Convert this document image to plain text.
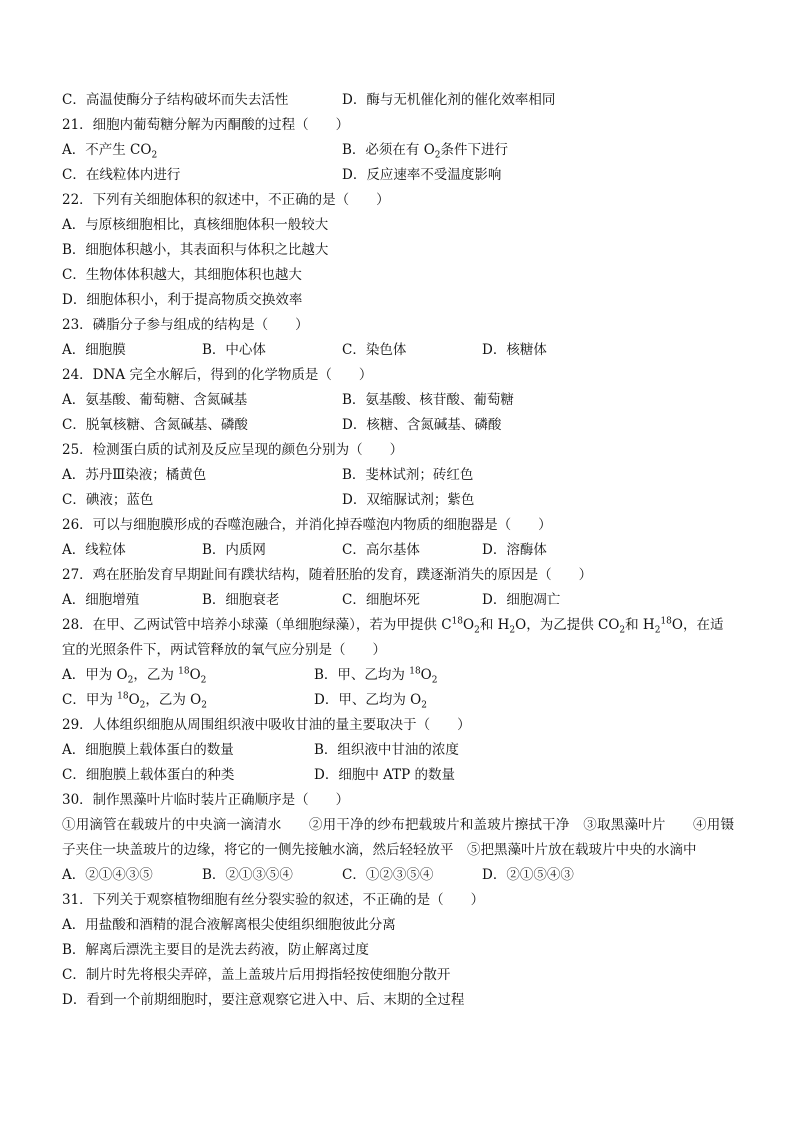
C．高温使酶分子结构破坏而失去活性	D．酶与无机催化剂的催化效率相同
21．细胞内葡萄糖分解为丙酮酸的过程（　　）
A．不产生 $CO_2$	B．必须在有 $O_2$条件下进行
C．在线粒体内进行	D．反应速率不受温度影响
22．下列有关细胞体积的叙述中，不正确的是（　　）
A．与原核细胞相比，真核细胞体积一般较大
B．细胞体积越小，其表面积与体积之比越大
C．生物体体积越大，其细胞体积也越大
D．细胞体积小，利于提高物质交换效率
23．磷脂分子参与组成的结构是（　　）
A．细胞膜	B．中心体	C．染色体	D．核糖体
24．DNA 完全水解后，得到的化学物质是（　　）
A．氨基酸、葡萄糖、含氮碱基	B．氨基酸、核苷酸、葡萄糖
C．脱氧核糖、含氮碱基、磷酸	D．核糖、含氮碱基、磷酸
25．检测蛋白质的试剂及反应呈现的颜色分别为（　　）
A．苏丹Ⅲ染液；橘黄色	B．斐林试剂；砖红色
C．碘液；蓝色	D．双缩脲试剂；紫色
26．可以与细胞膜形成的吞噬泡融合，并消化掉吞噬泡内物质的细胞器是（　　）
A．线粒体	B．内质网	C．高尔基体	D．溶酶体
27．鸡在胚胎发育早期趾间有蹼状结构，随着胚胎的发育，蹼逐渐消失的原因是（　　）
A．细胞增殖	B．细胞衰老	C．细胞坏死	D．细胞凋亡
28．在甲、乙两试管中培养小球藻（单细胞绿藻），若为甲提供 $C^{18}O_2$和 $H_2O$，为乙提供 $CO_2$和 $H_2^{18}O$，在适
宜的光照条件下，两试管释放的氧气应分别是（　　）
A．甲为 $O_2$，乙为 $^{18}O_2$	B．甲、乙均为 $^{18}O_2$
C．甲为 $^{18}O_2$，乙为 $O_2$	D．甲、乙均为 $O_2$
29．人体组织细胞从周围组织液中吸收甘油的量主要取决于（　　）
A．细胞膜上载体蛋白的数量	B．组织液中甘油的浓度
C．细胞膜上载体蛋白的种类	D．细胞中 ATP 的数量
30．制作黑藻叶片临时装片正确顺序是（　　）
①用滴管在载玻片的中央滴一滴清水　　②用干净的纱布把载玻片和盖玻片擦拭干净　③取黑藻叶片　　④用镊子夹住一块盖玻片的边缘，将它的一侧先接触水滴，然后轻轻放平　⑤把黑藻叶片放在载玻片中央的水滴中
A．②①④③⑤	B．②①③⑤④	C．①②③⑤④	D．②①⑤④③
31．下列关于观察植物细胞有丝分裂实验的叙述，不正确的是（　　）
A．用盐酸和酒精的混合液解离根尖使组织细胞彼此分离
B．解离后漂洗主要目的是洗去药液，防止解离过度
C．制片时先将根尖弄碎，盖上盖玻片后用拇指轻按使细胞分散开
D．看到一个前期细胞时，要注意观察它进入中、后、末期的全过程
